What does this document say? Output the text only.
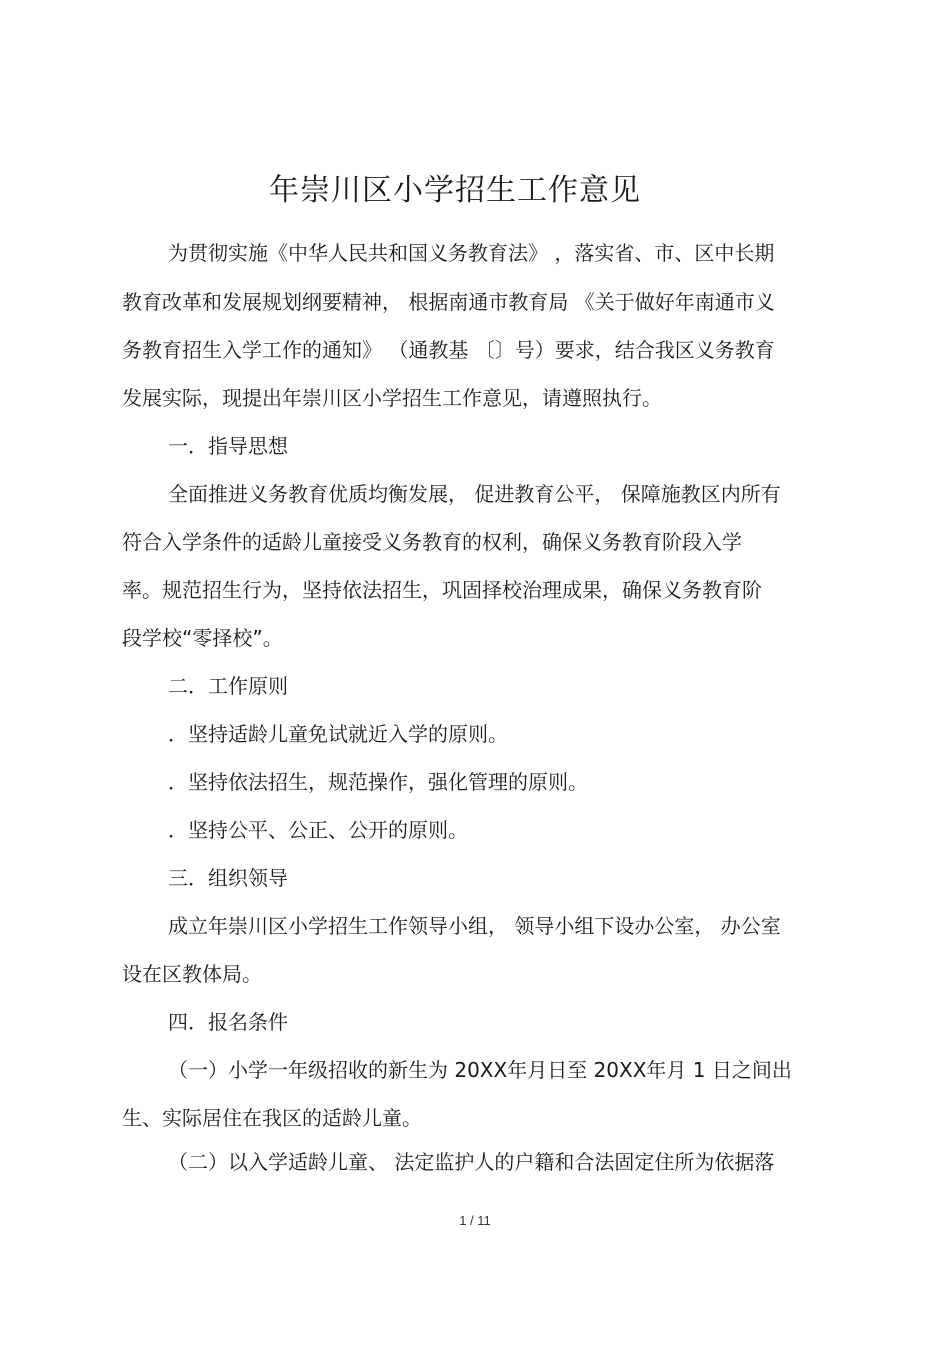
年崇川区小学招生工作意见
为贯彻实施《中华人民共和国义务教育法》 ，落实省、市、区中长期
教育改革和发展规划纲要精神， 根据南通市教育局 《关于做好年南通市义
务教育招生入学工作的通知》 （通教基 〔〕号）要求，结合我区义务教育
发展实际，现提出年崇川区小学招生工作意见，请遵照执行。
一．指导思想
全面推进义务教育优质均衡发展， 促进教育公平， 保障施教区内所有
符合入学条件的适龄儿童接受义务教育的权利，确保义务教育阶段入学
率。规范招生行为，坚持依法招生，巩固择校治理成果，确保义务教育阶
段学校“零择校”。
二．工作原则
．坚持适龄儿童免试就近入学的原则。
．坚持依法招生，规范操作，强化管理的原则。
．坚持公平、公正、公开的原则。
三．组织领导
成立年崇川区小学招生工作领导小组， 领导小组下设办公室， 办公室
设在区教体局。
四．报名条件
（一）小学一年级招收的新生为 20XX年月日至 20XX年月 1 日之间出
生、实际居住在我区的适龄儿童。
（二）以入学适龄儿童、 法定监护人的户籍和合法固定住所为依据落
1 / 11
